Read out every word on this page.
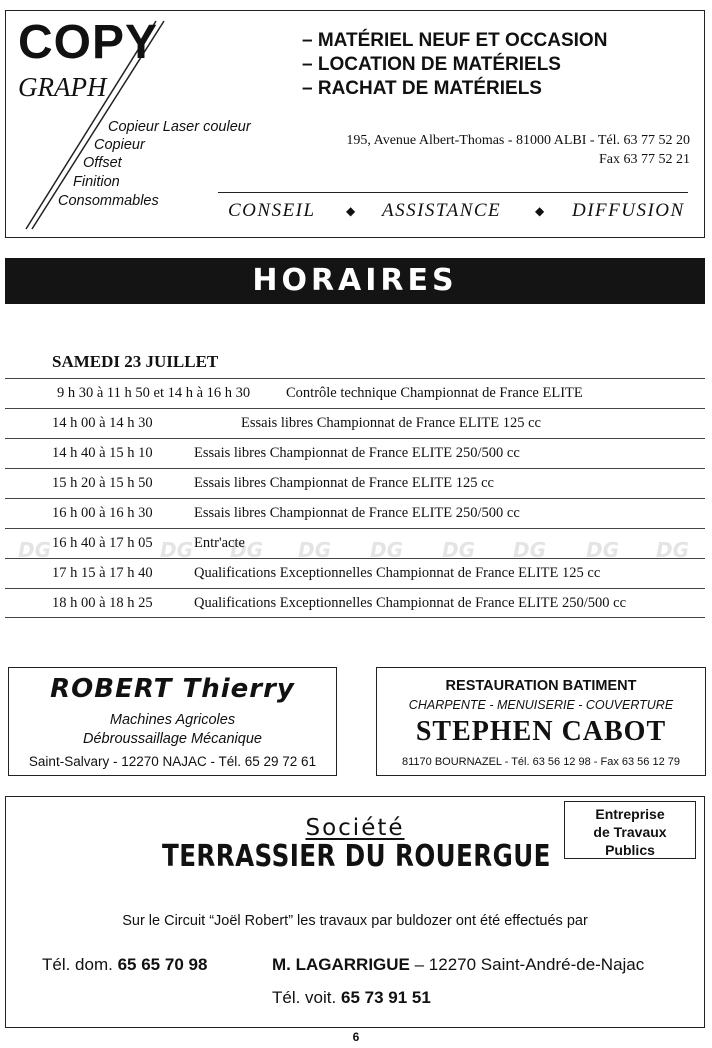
COPY
GRAPH
Copieur Laser couleur
Copieur
Offset
Finition
Consommables
– MATÉRIEL NEUF ET OCCASION
– LOCATION DE MATÉRIELS
– RACHAT DE MATÉRIELS
195, Avenue Albert-Thomas - 81000 ALBI - Tél. 63 77 52 20
Fax 63 77 52 21
CONSEIL	◆ ASSISTANCE	◆ DIFFUSION
HORAIRES
DG	DG DG DG DG DG DG DG DG
SAMEDI 23 JUILLET
9 h 30 à 11 h 50 et 14 h à 16 h 30 Contrôle technique Championnat de France ELITE
14 h 00 à 14 h 30	Essais libres Championnat de France ELITE 125 cc
14 h 40 à 15 h 10	Essais libres Championnat de France ELITE 250/500 cc
15 h 20 à 15 h 50	Essais libres Championnat de France ELITE 125 cc
16 h 00 à 16 h 30	Essais libres Championnat de France ELITE 250/500 cc
16 h 40 à 17 h 05	Entr'acte
17 h 15 à 17 h 40	Qualifications Exceptionnelles Championnat de France ELITE 125 cc
18 h 00 à 18 h 25	Qualifications Exceptionnelles Championnat de France ELITE 250/500 cc
ROBERT Thierry
Machines Agricoles
Débroussaillage Mécanique
Saint-Salvary - 12270 NAJAC - Tél. 65 29 72 61
RESTAURATION BATIMENT
CHARPENTE - MENUISERIE - COUVERTURE
STEPHEN CABOT
81170 BOURNAZEL - Tél. 63 56 12 98 - Fax 63 56 12 79
Entreprise
de Travaux
Publics
Société
TERRASSIER DU ROUERGUE
Sur le Circuit “Joël Robert” les travaux par buldozer ont été effectués par
Tél. dom. 65 65 70 98	M. LAGARRIGUE – 12270 Saint-André-de-Najac
Tél. voit. 65 73 91 51
6
